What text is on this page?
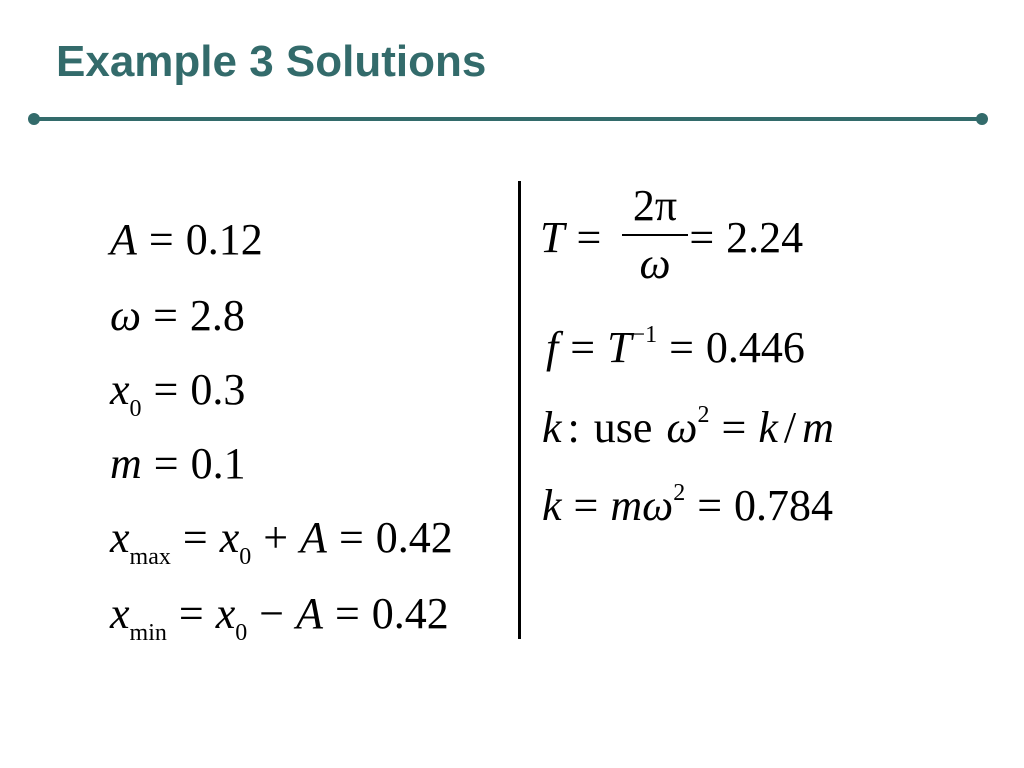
Example 3 Solutions
A = 0.12
ω = 2.8
$x_0 = 0.3$
m = 0.1
$x_{max} = x_0 + A = 0.42$
$x_{min} = x_0 - A = 0.42$
T = = 2.24
2π
ω
$f = T^{-1} = 0.446$
k : use $\omega^2 = k / m$
$k = m\omega^2 = 0.784$
